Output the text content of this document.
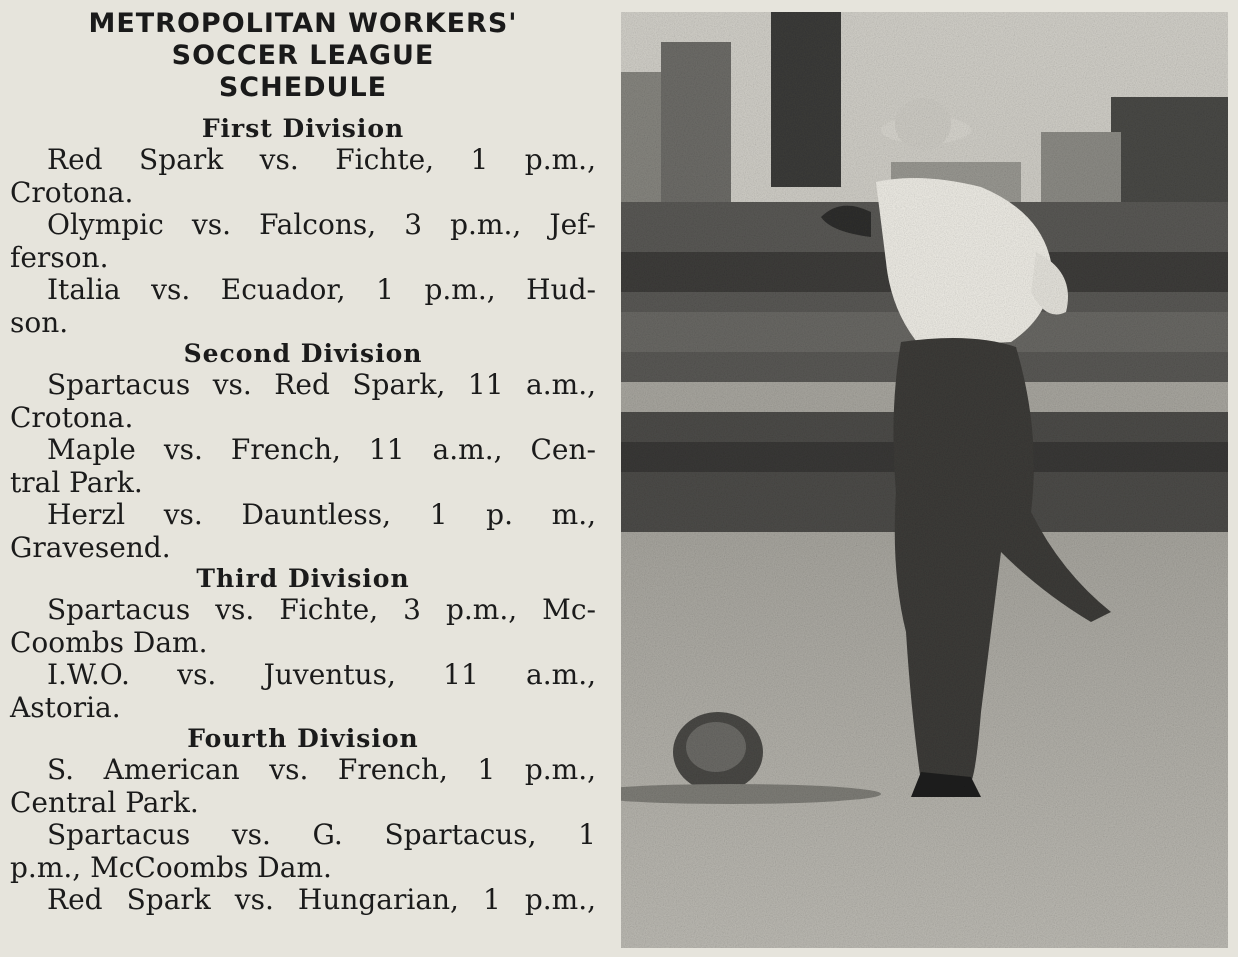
METROPOLITAN WORKERS'
SOCCER LEAGUE
SCHEDULE
First Division
Red Spark vs. Fichte, 1 p.m.,
Crotona.
Olympic vs. Falcons, 3 p.m., Jef-
ferson.
Italia vs. Ecuador, 1 p.m., Hud-
son.
Second Division
Spartacus vs. Red Spark, 11 a.m.,
Crotona.
Maple vs. French, 11 a.m., Cen-
tral Park.
Herzl vs. Dauntless, 1 p. m.,
Gravesend.
Third Division
Spartacus vs. Fichte, 3 p.m., Mc-
Coombs Dam.
I.W.O. vs. Juventus, 11 a.m.,
Astoria.
Fourth Division
S. American vs. French, 1 p.m.,
Central Park.
Spartacus vs. G. Spartacus, 1
p.m., McCoombs Dam.
Red Spark vs. Hungarian, 1 p.m.,
